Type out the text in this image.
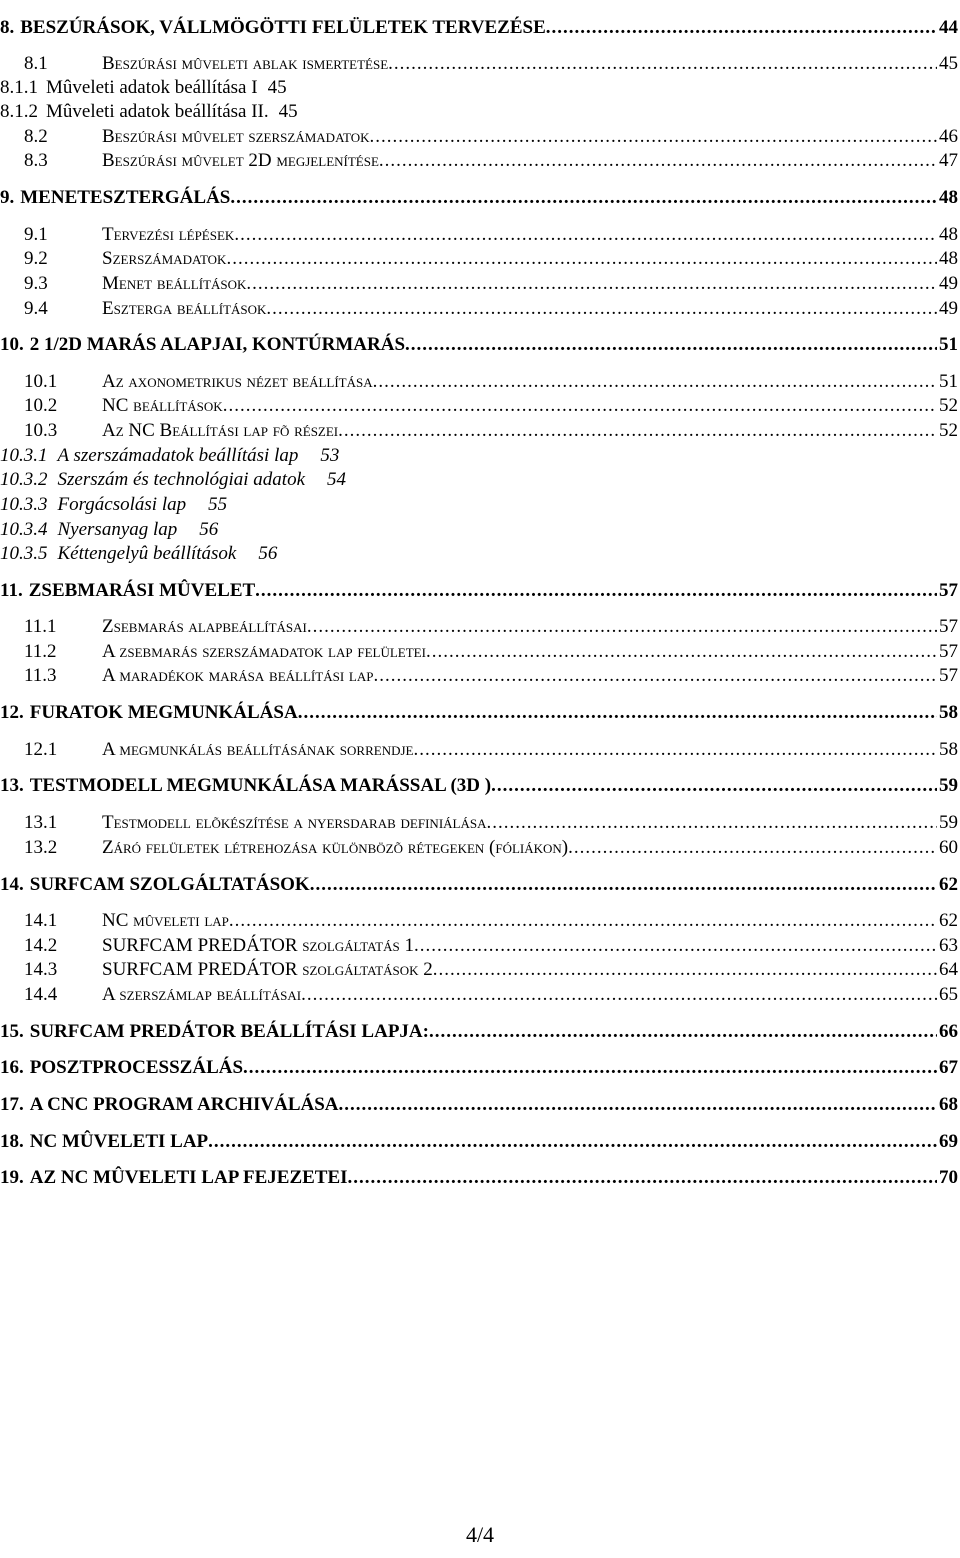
8. BESZÚRÁSOK, VÁLLMÖGÖTTI FELÜLETEK TERVEZÉSE .....	44
8.1	Beszúrási mûveleti ablak ismertetése .....	45
8.1.1 Mûveleti adatok beállítása I 45
8.1.2 Mûveleti adatok beállítása II. 45
8.2	Beszúrási mûvelet szerszámadatok .....	46
8.3	Beszúrási mûvelet 2D megjelenítése .....	47
9. MENETESZTERGÁLÁS .....	48
9.1	Tervezési lépések .....	48
9.2	Szerszámadatok .....	48
9.3	Menet beállítások .....	49
9.4	Eszterga beállítások .....	49
10. 2 1/2D MARÁS ALAPJAI, KONTÚRMARÁS .....	51
10.1	Az axonometrikus nézet beállítása .....	51
10.2	NC beállítások .....	52
10.3	Az NC Beállítási lap fõ részei .....	52
10.3.1 A szerszámadatok beállítási lap	53
10.3.2 Szerszám és technológiai adatok	54
10.3.3 Forgácsolási lap	55
10.3.4 Nyersanyag lap	56
10.3.5 Kéttengelyû beállítások	56
11. ZSEBMARÁSI MÛVELET .....	57
11.1	Zsebmarás alapbeállításai .....	57
11.2	A zsebmarás szerszámadatok lap felületei .....	57
11.3	A maradékok marása beállítási lap .....	57
12. FURATOK MEGMUNKÁLÁSA .....	58
12.1	A megmunkálás beállításának sorrendje .....	58
13. TESTMODELL MEGMUNKÁLÁSA MARÁSSAL (3D ) .....	59
13.1	Testmodell elõkészítése a nyersdarab definiálása .....	59
13.2	Záró felületek létrehozása különbözõ rétegeken (fóliákon) .....	60
14. SURFCAM SZOLGÁLTATÁSOK .....	62
14.1	NC mûveleti lap .....	62
14.2	SURFCAM PREDÁTOR szolgáltatás 1 .....	63
14.3	SURFCAM PREDÁTOR szolgáltatások 2 .....	64
14.4	A szerszámlap beállításai .....	65
15. SURFCAM PREDÁTOR BEÁLLÍTÁSI LAPJA: .....	66
16. POSZTPROCESSZÁLÁS .....	67
17. A CNC PROGRAM ARCHIVÁLÁSA .....	68
18. NC MÛVELETI LAP .....	69
19. AZ NC MÛVELETI LAP FEJEZETEI .....	70
4/4
